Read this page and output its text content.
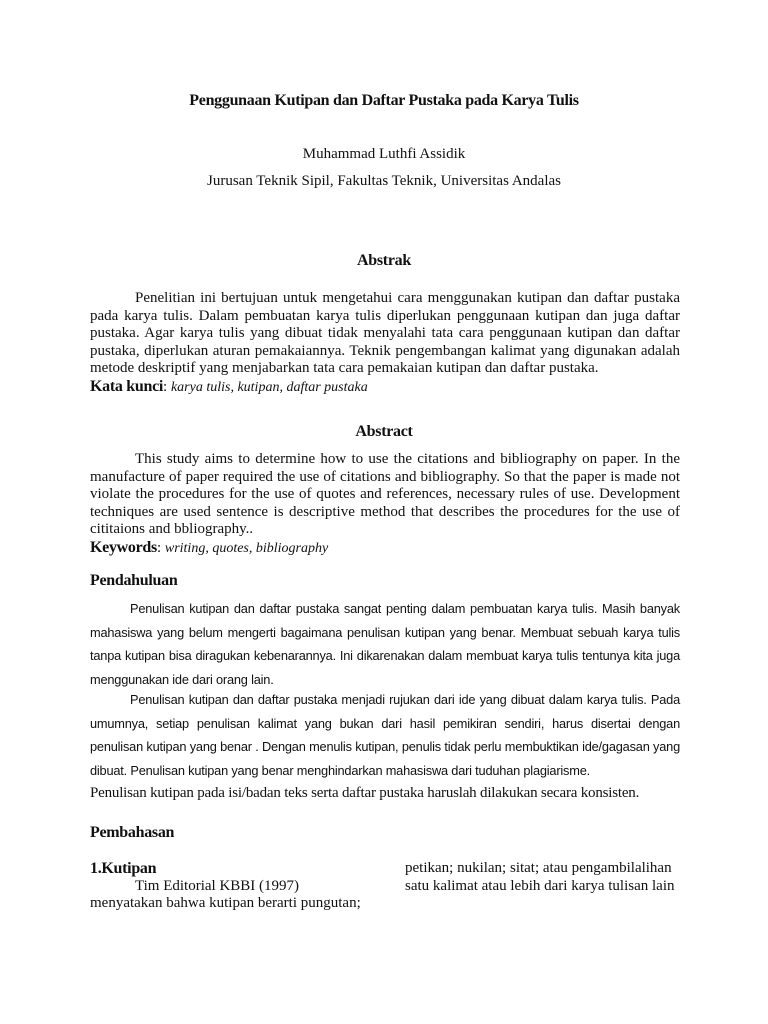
Penggunaan Kutipan dan Daftar Pustaka pada Karya Tulis
Muhammad Luthfi Assidik
Jurusan Teknik Sipil, Fakultas Teknik, Universitas Andalas
Abstrak

Penelitian ini bertujuan untuk mengetahui cara menggunakan kutipan dan daftar pustaka pada karya tulis. Dalam pembuatan karya tulis diperlukan penggunaan kutipan dan juga daftar pustaka. Agar karya tulis yang dibuat tidak menyalahi tata cara penggunaan kutipan dan daftar pustaka, diperlukan aturan pemakaiannya. Teknik pengembangan kalimat yang digunakan adalah metode deskriptif yang menjabarkan tata cara pemakaian kutipan dan daftar pustaka.

Kata kunci: karya tulis, kutipan, daftar pustaka
Abstract

This study aims to determine how to use the citations and bibliography on paper. In the manufacture of paper required the use of citations and bibliography. So that the paper is made not violate the procedures for the use of quotes and references, necessary rules of use. Development techniques are used sentence is descriptive method that describes the procedures for the use of cititaions and bbliography..

Keywords: writing, quotes, bibliography
Pendahuluan

Penulisan kutipan dan daftar pustaka sangat penting dalam pembuatan karya tulis. Masih banyak mahasiswa yang belum mengerti bagaimana penulisan kutipan yang benar. Membuat sebuah karya tulis tanpa kutipan bisa diragukan kebenarannya. Ini dikarenakan dalam membuat karya tulis tentunya kita juga menggunakan ide dari orang lain.

Penulisan kutipan dan daftar pustaka menjadi rujukan dari ide yang dibuat dalam karya tulis. Pada umumnya, setiap penulisan kalimat yang bukan dari hasil pemikiran sendiri, harus disertai dengan penulisan kutipan yang benar . Dengan menulis kutipan, penulis tidak perlu membuktikan ide/gagasan yang dibuat. Penulisan kutipan yang benar menghindarkan mahasiswa dari tuduhan plagiarisme.

Penulisan kutipan pada isi/badan teks serta daftar pustaka haruslah dilakukan secara konsisten.
Pembahasan
1.Kutipan
Tim Editorial KBBI (1997)
menyatakan bahwa kutipan berarti pungutan;
petikan; nukilan; sitat; atau pengambilalihan
satu kalimat atau lebih dari karya tulisan lain
